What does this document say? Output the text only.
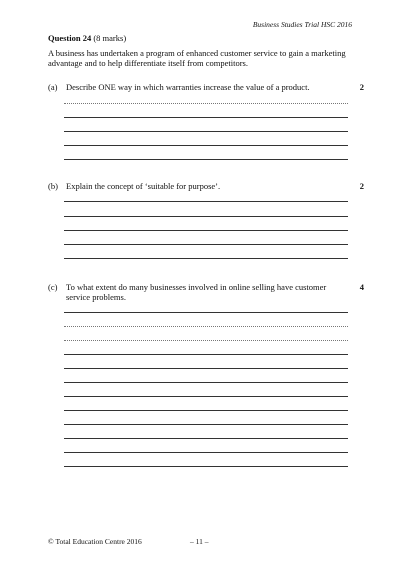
Business Studies Trial HSC 2016
Question 24 (8 marks)
A business has undertaken a program of enhanced customer service to gain a marketing advantage and to help differentiate itself from competitors.
(a) Describe ONE way in which warranties increase the value of a product.	2
(b) Explain the concept of ‘suitable for purpose’.	2
(c) To what extent do many businesses involved in online selling have customer service problems.
4
© Total Education Centre 2016	– 11 –
